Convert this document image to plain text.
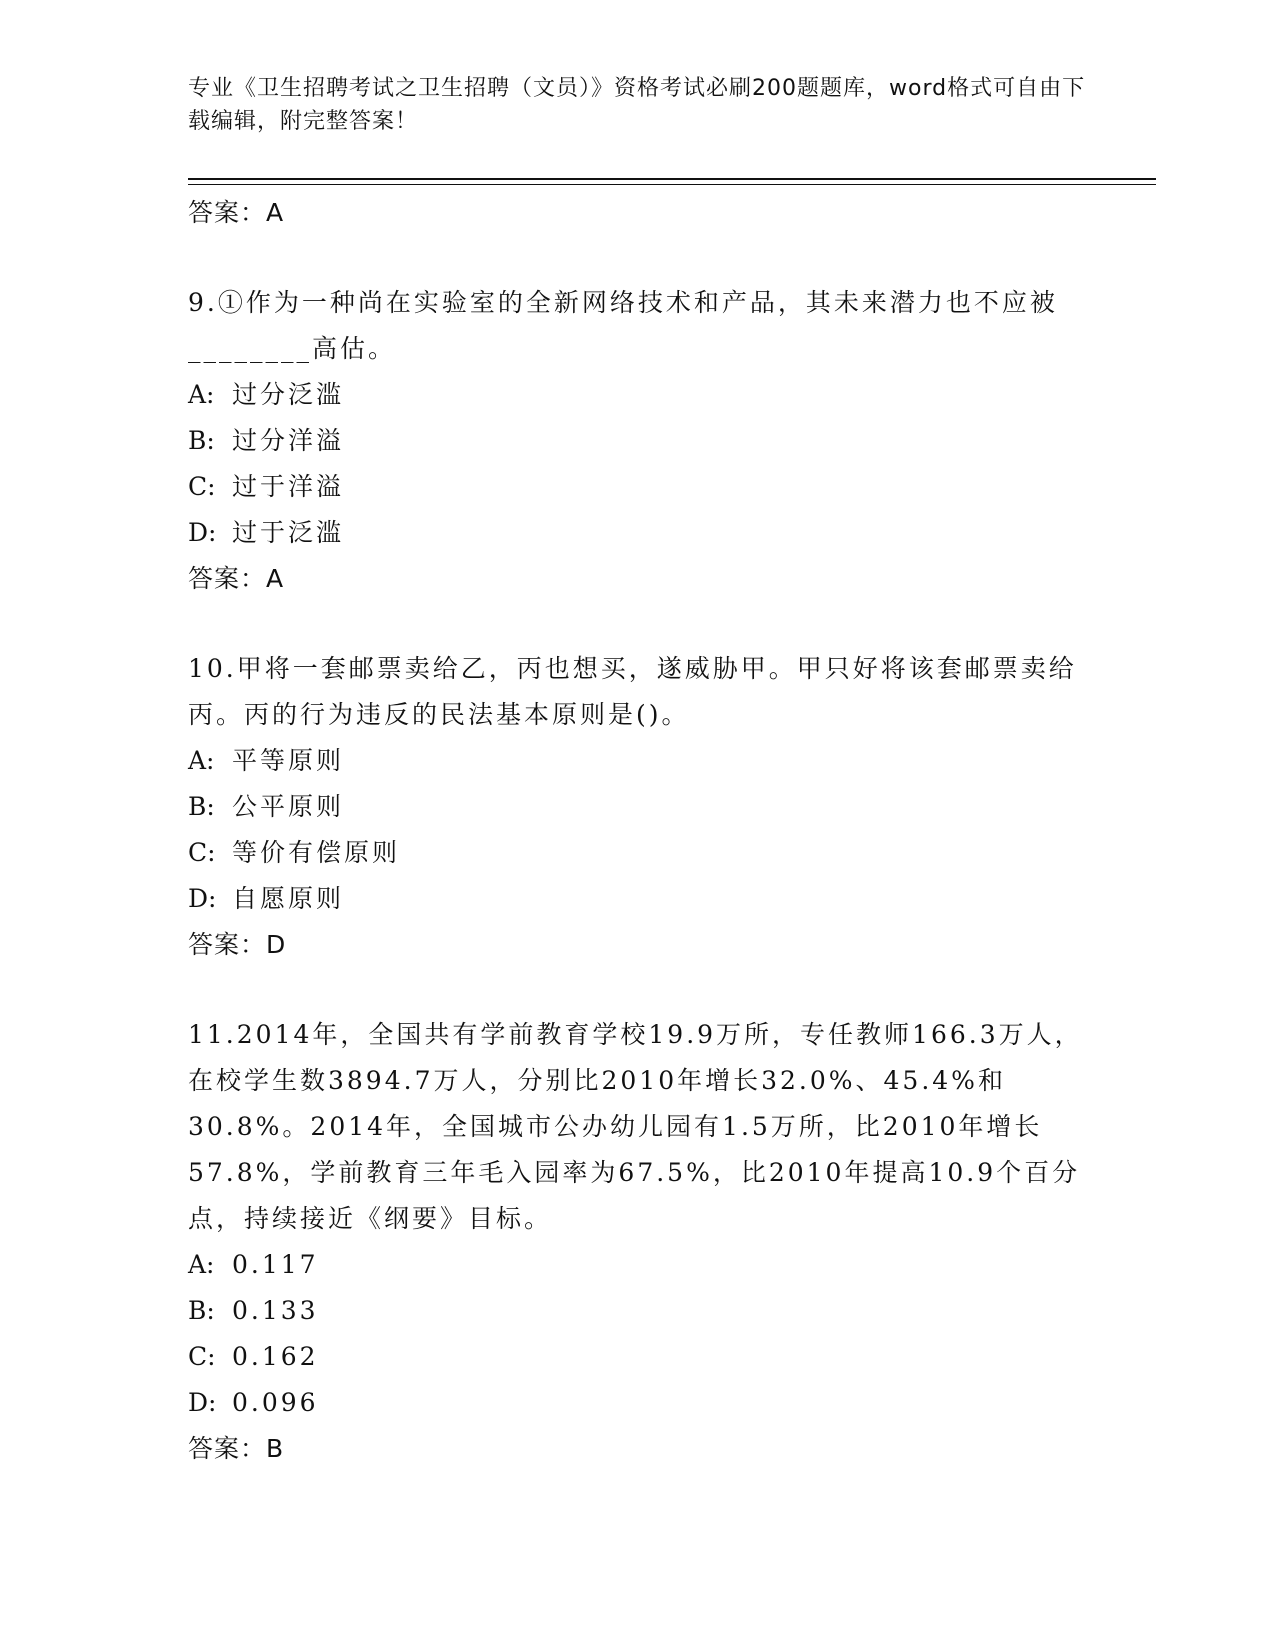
专业《卫生招聘考试之卫生招聘（文员）》资格考试必刷200题题库，word格式可自由下载编辑，附完整答案！

答案：A

9.①作为一种尚在实验室的全新网络技术和产品，其未来潜力也不应被________高估。

A: 过分泛滥

B: 过分洋溢

C: 过于洋溢

D: 过于泛滥

答案：A

10.甲将一套邮票卖给乙，丙也想买，遂威胁甲。甲只好将该套邮票卖给丙。丙的行为违反的民法基本原则是()。

A: 平等原则

B: 公平原则

C: 等价有偿原则

D: 自愿原则

答案：D

11.2014年，全国共有学前教育学校19.9万所，专任教师166.3万人，在校学生数3894.7万人，分别比2010年增长32.0%、45.4%和30.8%。2014年，全国城市公办幼儿园有1.5万所，比2010年增长57.8%，学前教育三年毛入园率为67.5%，比2010年提高10.9个百分点，持续接近《纲要》目标。

A: 0.117

B: 0.133

C: 0.162

D: 0.096

答案：B
